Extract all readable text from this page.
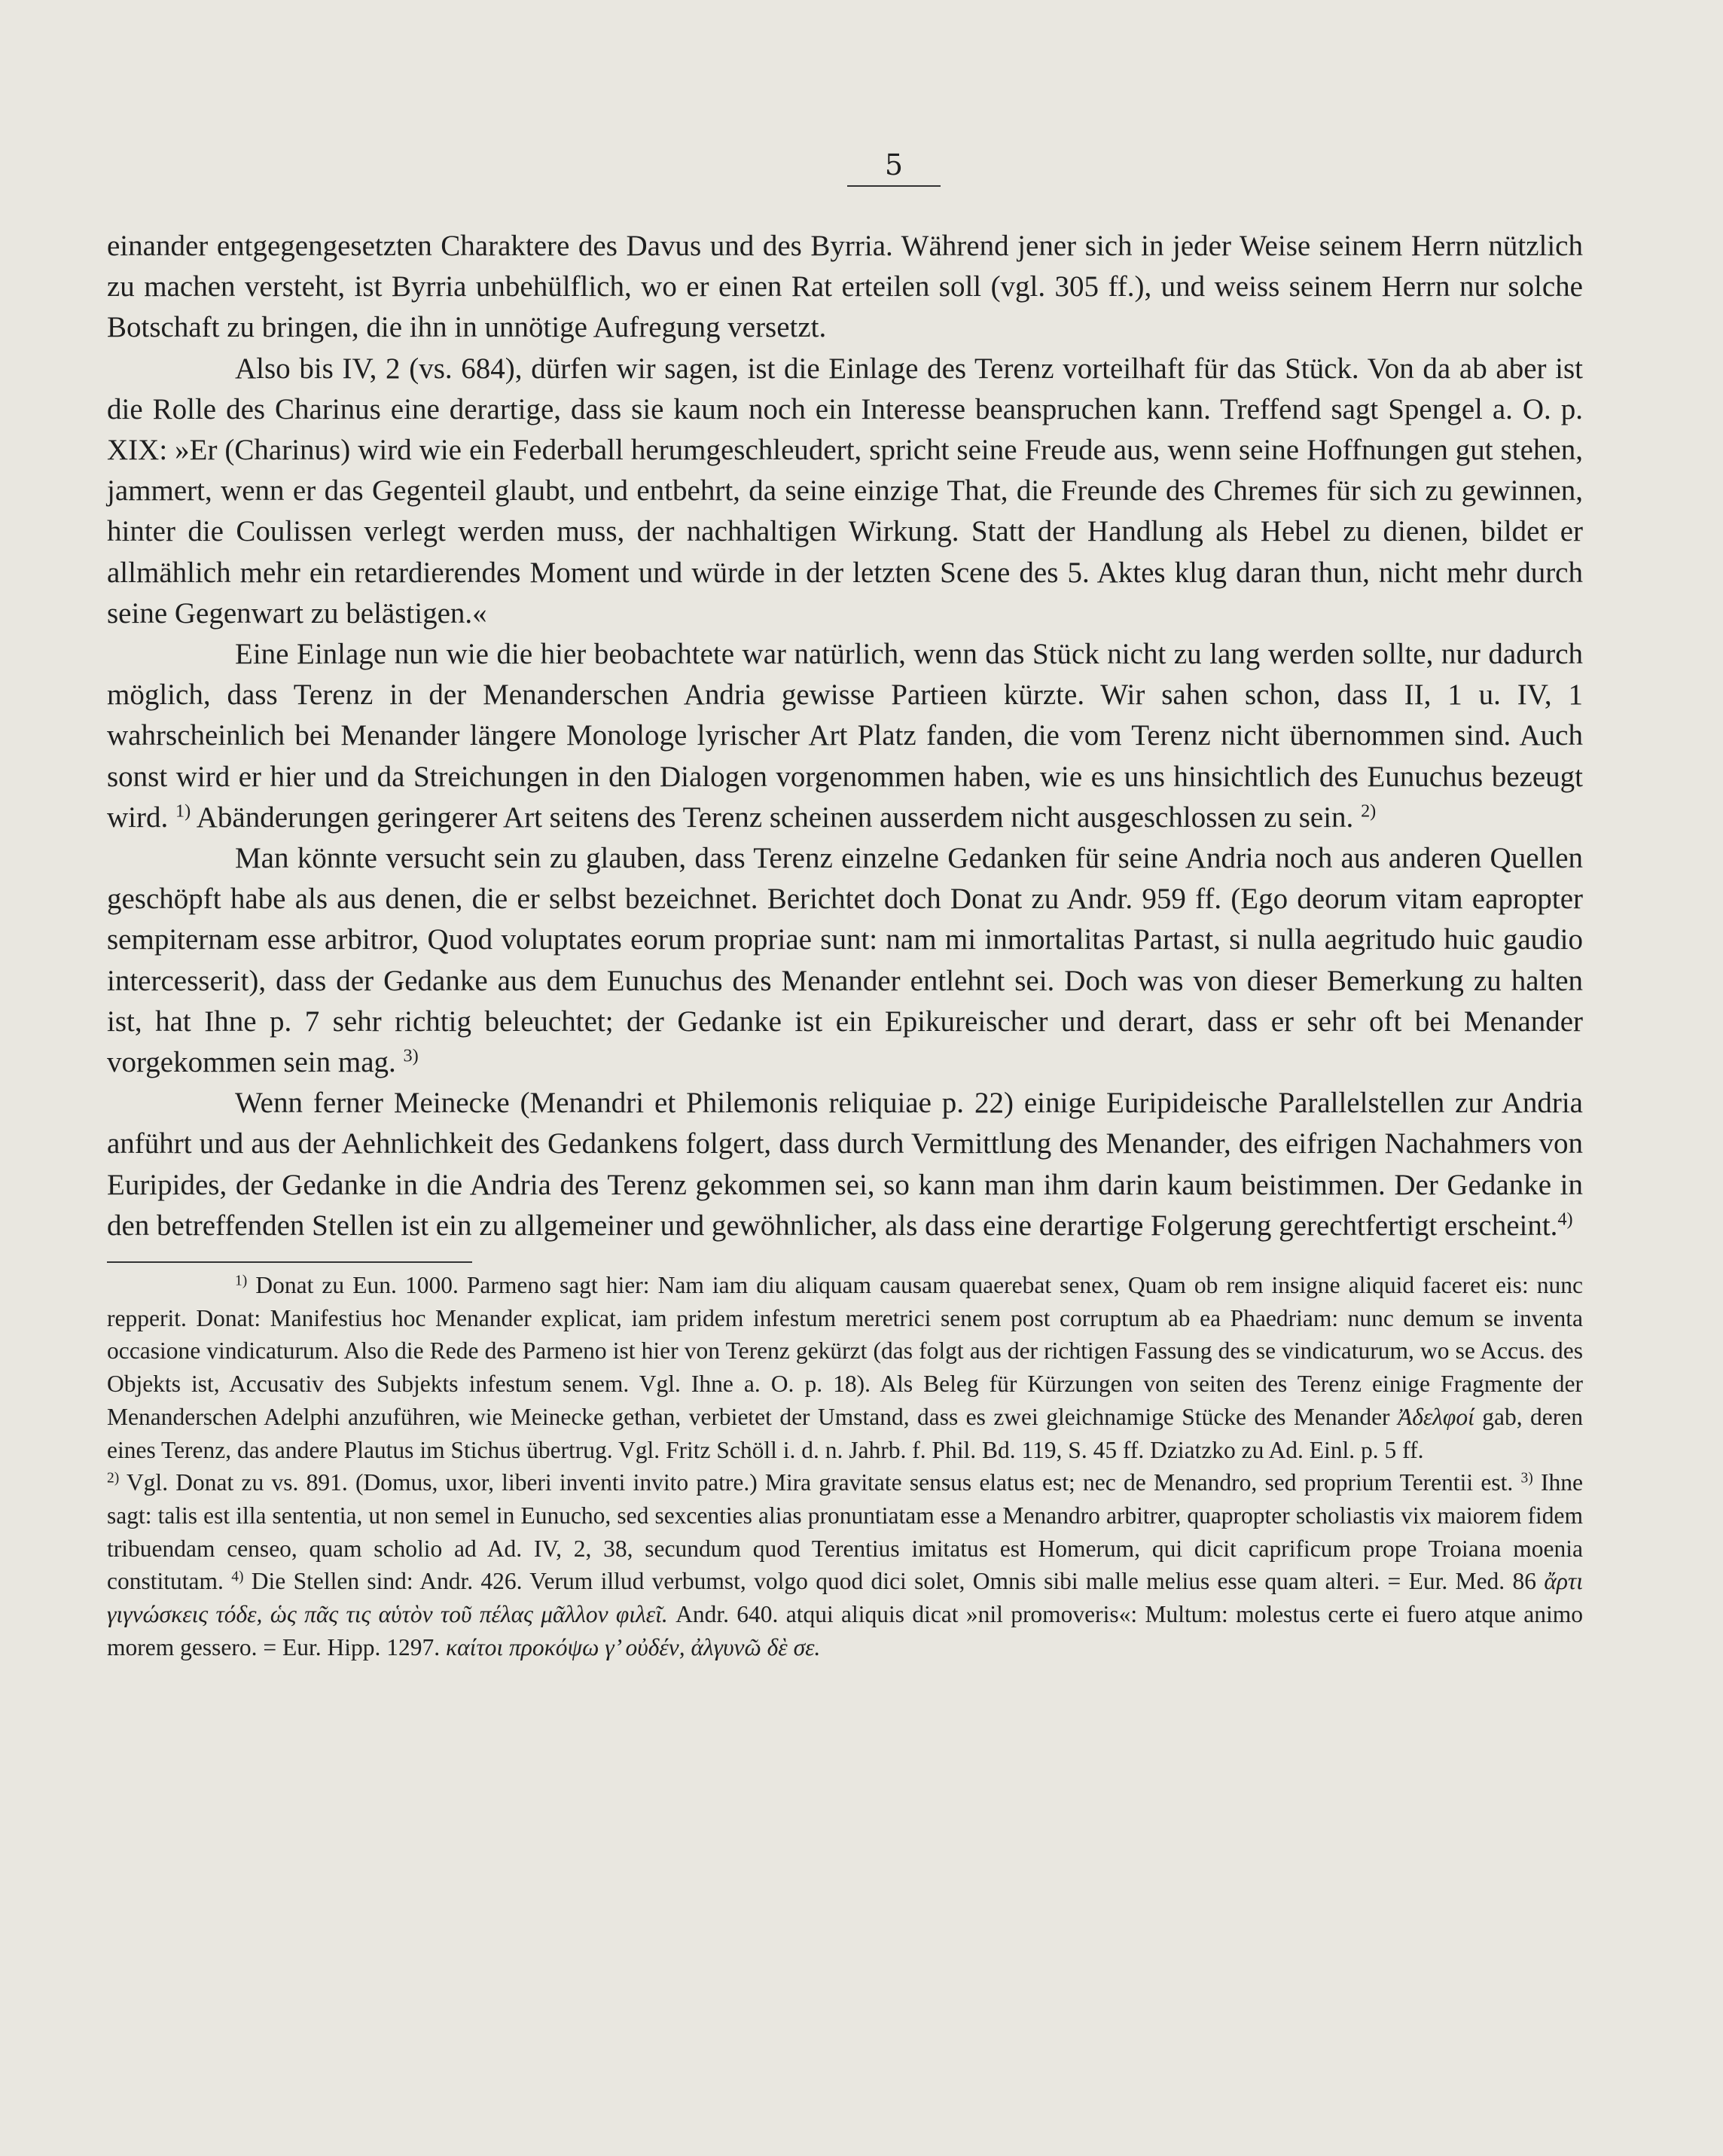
5

einander entgegengesetzten Charaktere des Davus und des Byrria. Während jener sich in jeder Weise seinem Herrn nützlich zu machen versteht, ist Byrria unbehülflich, wo er einen Rat erteilen soll (vgl. 305 ff.), und weiss seinem Herrn nur solche Botschaft zu bringen, die ihn in unnötige Aufregung versetzt.

Also bis IV, 2 (vs. 684), dürfen wir sagen, ist die Einlage des Terenz vorteilhaft für das Stück. Von da ab aber ist die Rolle des Charinus eine derartige, dass sie kaum noch ein Interesse beanspruchen kann. Treffend sagt Spengel a. O. p. XIX: »Er (Charinus) wird wie ein Federball herumgeschleudert, spricht seine Freude aus, wenn seine Hoffnungen gut stehen, jammert, wenn er das Gegenteil glaubt, und entbehrt, da seine einzige That, die Freunde des Chremes für sich zu gewinnen, hinter die Coulissen verlegt werden muss, der nachhaltigen Wirkung. Statt der Handlung als Hebel zu dienen, bildet er allmählich mehr ein retardierendes Moment und würde in der letzten Scene des 5. Aktes klug daran thun, nicht mehr durch seine Gegenwart zu belästigen.«

Eine Einlage nun wie die hier beobachtete war natürlich, wenn das Stück nicht zu lang werden sollte, nur dadurch möglich, dass Terenz in der Menanderschen Andria gewisse Partieen kürzte. Wir sahen schon, dass II, 1 u. IV, 1 wahrscheinlich bei Menander längere Monologe lyrischer Art Platz fanden, die vom Terenz nicht übernommen sind. Auch sonst wird er hier und da Streichungen in den Dialogen vorgenommen haben, wie es uns hinsichtlich des Eunuchus bezeugt wird. $^{1)}$ Abänderungen geringerer Art seitens des Terenz scheinen ausserdem nicht ausgeschlossen zu sein. $^{2)}$

Man könnte versucht sein zu glauben, dass Terenz einzelne Gedanken für seine Andria noch aus anderen Quellen geschöpft habe als aus denen, die er selbst bezeichnet. Berichtet doch Donat zu Andr. 959 ff. (Ego deorum vitam eapropter sempiternam esse arbitror, Quod voluptates eorum propriae sunt: nam mi inmortalitas Partast, si nulla aegritudo huic gaudio intercesserit), dass der Gedanke aus dem Eunuchus des Menander entlehnt sei. Doch was von dieser Bemerkung zu halten ist, hat Ihne p. 7 sehr richtig beleuchtet; der Gedanke ist ein Epikureischer und derart, dass er sehr oft bei Menander vorgekommen sein mag. $^{3)}$

Wenn ferner Meinecke (Menandri et Philemonis reliquiae p. 22) einige Euripideische Parallelstellen zur Andria anführt und aus der Aehnlichkeit des Gedankens folgert, dass durch Vermittlung des Menander, des eifrigen Nachahmers von Euripides, der Gedanke in die Andria des Terenz gekommen sei, so kann man ihm darin kaum beistimmen. Der Gedanke in den betreffenden Stellen ist ein zu allgemeiner und gewöhnlicher, als dass eine derartige Folgerung gerechtfertigt erscheint.$^{4)}$

$^{1)}$ Donat zu Eun. 1000. Parmeno sagt hier: Nam iam diu aliquam causam quaerebat senex, Quam ob rem insigne aliquid faceret eis: nunc repperit. Donat: Manifestius hoc Menander explicat, iam pridem infestum meretrici senem post corruptum ab ea Phaedriam: nunc demum se inventa occasione vindicaturum. Also die Rede des Parmeno ist hier von Terenz gekürzt (das folgt aus der richtigen Fassung des se vindicaturum, wo se Accus. des Objekts ist, Accusativ des Subjekts infestum senem. Vgl. Ihne a. O. p. 18). Als Beleg für Kürzungen von seiten des Terenz einige Fragmente der Menanderschen Adelphi anzuführen, wie Meinecke gethan, verbietet der Umstand, dass es zwei gleichnamige Stücke des Menander Ἀδελφοί gab, deren eines Terenz, das andere Plautus im Stichus übertrug. Vgl. Fritz Schöll i. d. n. Jahrb. f. Phil. Bd. 119, S. 45 ff. Dziatzko zu Ad. Einl. p. 5 ff.
$^{2)}$ Vgl. Donat zu vs. 891. (Domus, uxor, liberi inventi invito patre.) Mira gravitate sensus elatus est; nec de Menandro, sed proprium Terentii est. $^{3)}$ Ihne sagt: talis est illa sententia, ut non semel in Eunucho, sed sexcenties alias pronuntiatam esse a Menandro arbitrer, quapropter scholiastis vix maiorem fidem tribuendam censeo, quam scholio ad Ad. IV, 2, 38, secundum quod Terentius imitatus est Homerum, qui dicit caprificum prope Troiana moenia constitutam. $^{4)}$ Die Stellen sind: Andr. 426. Verum illud verbumst, volgo quod dici solet, Omnis sibi malle melius esse quam alteri. = Eur. Med. 86 ἄρτι γιγνώσκεις τόδε, ὡς πᾶς τις αὑτὸν τοῦ πέλας μᾶλλον φιλεῖ. Andr. 640. atqui aliquis dicat »nil promoveris«: Multum: molestus certe ei fuero atque animo morem gessero. = Eur. Hipp. 1297. καίτοι προκόψω γ’ οὐδέν, ἀλγυνῶ δὲ σε.
